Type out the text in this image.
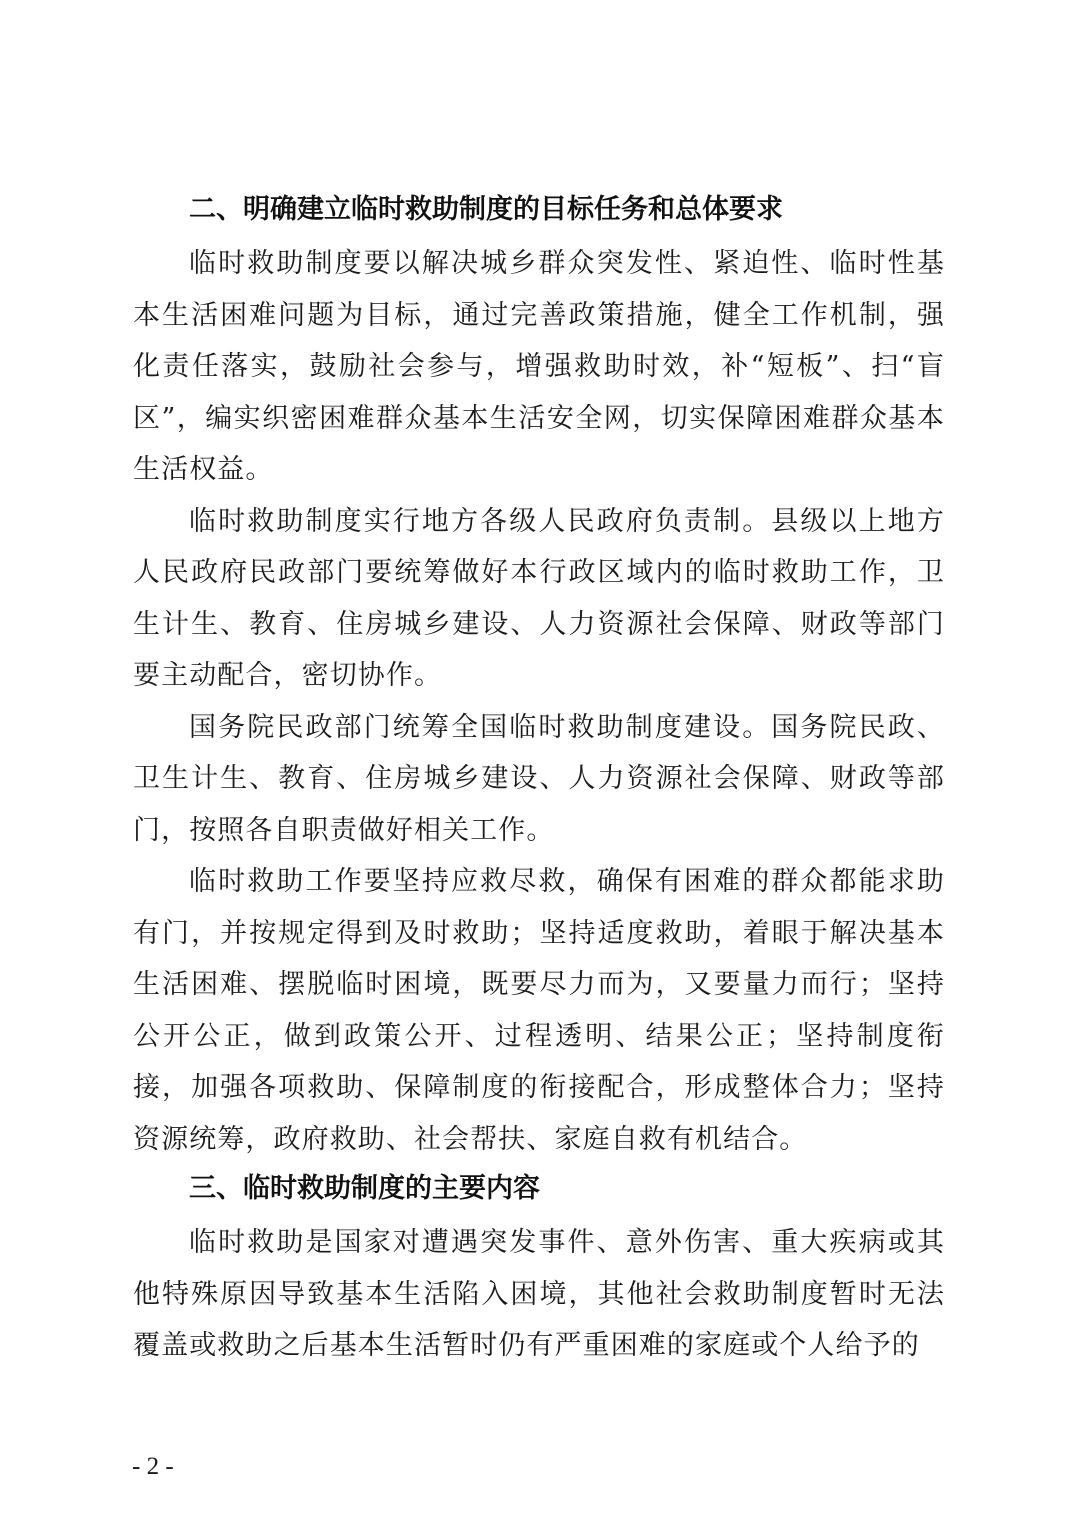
二、明确建立临时救助制度的目标任务和总体要求

临时救助制度要以解决城乡群众突发性、紧迫性、临时性基本生活困难问题为目标，通过完善政策措施，健全工作机制，强化责任落实，鼓励社会参与，增强救助时效，补“短板”、扫“盲区”，编实织密困难群众基本生活安全网，切实保障困难群众基本生活权益。

临时救助制度实行地方各级人民政府负责制。县级以上地方人民政府民政部门要统筹做好本行政区域内的临时救助工作，卫生计生、教育、住房城乡建设、人力资源社会保障、财政等部门要主动配合，密切协作。

国务院民政部门统筹全国临时救助制度建设。国务院民政、卫生计生、教育、住房城乡建设、人力资源社会保障、财政等部门，按照各自职责做好相关工作。

临时救助工作要坚持应救尽救，确保有困难的群众都能求助有门，并按规定得到及时救助；坚持适度救助，着眼于解决基本生活困难、摆脱临时困境，既要尽力而为，又要量力而行；坚持公开公正，做到政策公开、过程透明、结果公正；坚持制度衔接，加强各项救助、保障制度的衔接配合，形成整体合力；坚持资源统筹，政府救助、社会帮扶、家庭自救有机结合。

三、临时救助制度的主要内容

临时救助是国家对遭遇突发事件、意外伤害、重大疾病或其他特殊原因导致基本生活陷入困境，其他社会救助制度暂时无法覆盖或救助之后基本生活暂时仍有严重困难的家庭或个人给予的

- 2 -
